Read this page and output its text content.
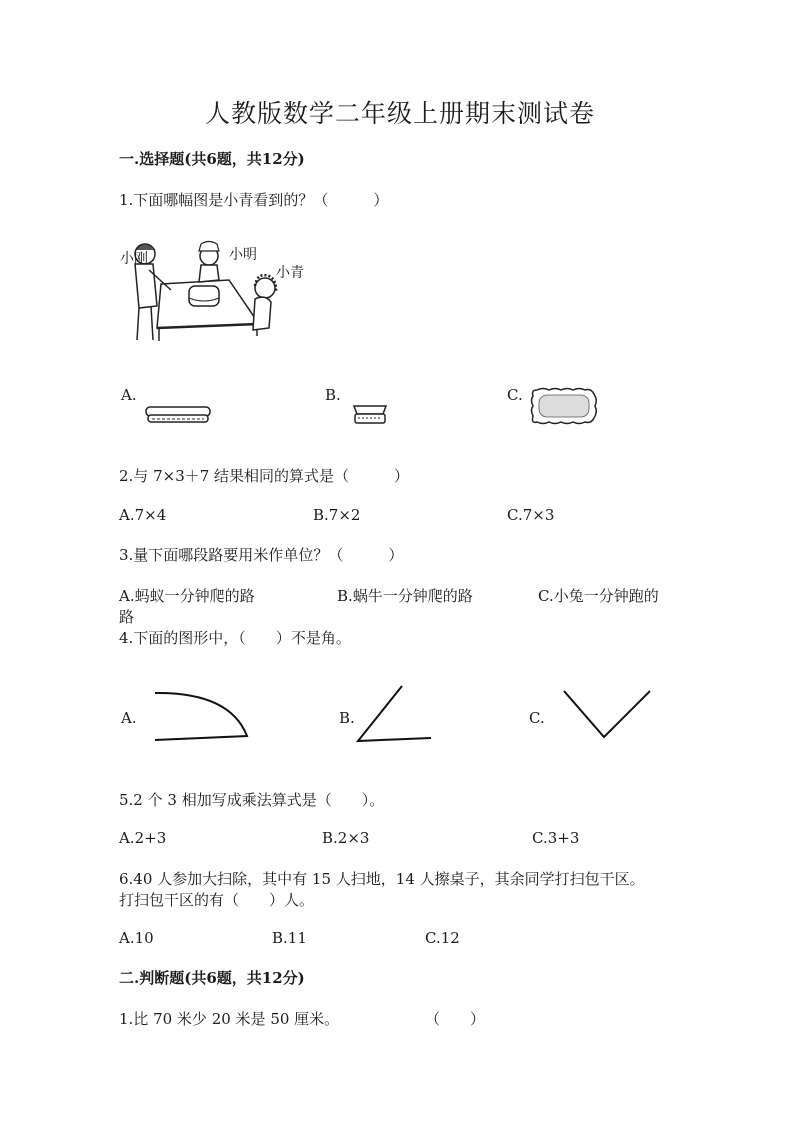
人教版数学二年级上册期末测试卷
一.选择题(共6题，共12分)
1.下面哪幅图是小青看到的？（　　　）
小刚	小明
小青
A.	B.	C.
2.与 7×3＋7 结果相同的算式是（　　　）
A.7×4	B.7×2	C.7×3
3.量下面哪段路要用米作单位？（　　　）
A.蚂蚁一分钟爬的路	B.蜗牛一分钟爬的路	C.小兔一分钟跑的
路
4.下面的图形中，（　　）不是角。
A.	B.	C.
5.2 个 3 相加写成乘法算式是（　　）。
A.2+3	B.2×3	C.3+3
6.40 人参加大扫除，其中有 15 人扫地，14 人擦桌子，其余同学打扫包干区。
打扫包干区的有（　　）人。
A.10	B.11	C.12
二.判断题(共6题，共12分)
1.比 70 米少 20 米是 50 厘米。	（　　）
